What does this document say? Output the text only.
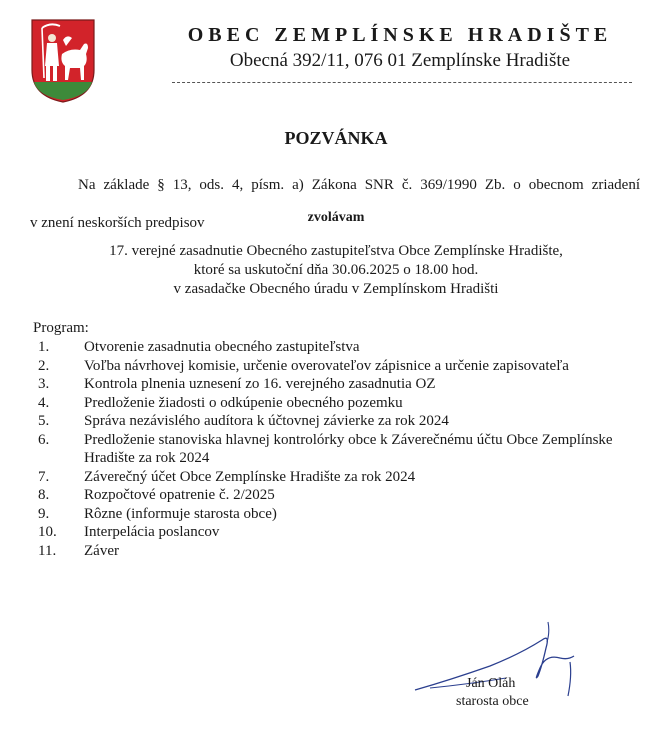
OBEC ZEMPLÍNSKE HRADIŠTE
Obecná 392/11, 076 01 Zemplínske Hradište
POZVÁNKA
Na základe § 13, ods. 4, písm. a) Zákona SNR č. 369/1990 Zb. o obecnom zriadení
v znení neskorších predpisov	zvolávam
17. verejné zasadnutie Obecného zastupiteľstva Obce Zemplínske Hradište,
ktoré sa uskutoční dňa 30.06.2025 o 18.00 hod.
v zasadačke Obecného úradu v Zemplínskom Hradišti
Program:
1.	Otvorenie zasadnutia obecného zastupiteľstva
2.	Voľba návrhovej komisie, určenie overovateľov zápisnice a určenie zapisovateľa
3.	Kontrola plnenia uznesení zo 16. verejného zasadnutia OZ
4.	Predloženie žiadosti o odkúpenie obecného pozemku
5.	Správa nezávislého audítora k účtovnej závierke za rok 2024
6.	Predloženie stanoviska hlavnej kontrolórky obce k Záverečnému účtu Obce Zemplínske Hradište za rok 2024
7.	Záverečný účet Obce Zemplínske Hradište za rok 2024
8.	Rozpočtové opatrenie č. 2/2025
9.	Rôzne (informuje starosta obce)
10.	Interpelácia poslancov
11.	Záver
Ján Oláh
starosta obce
